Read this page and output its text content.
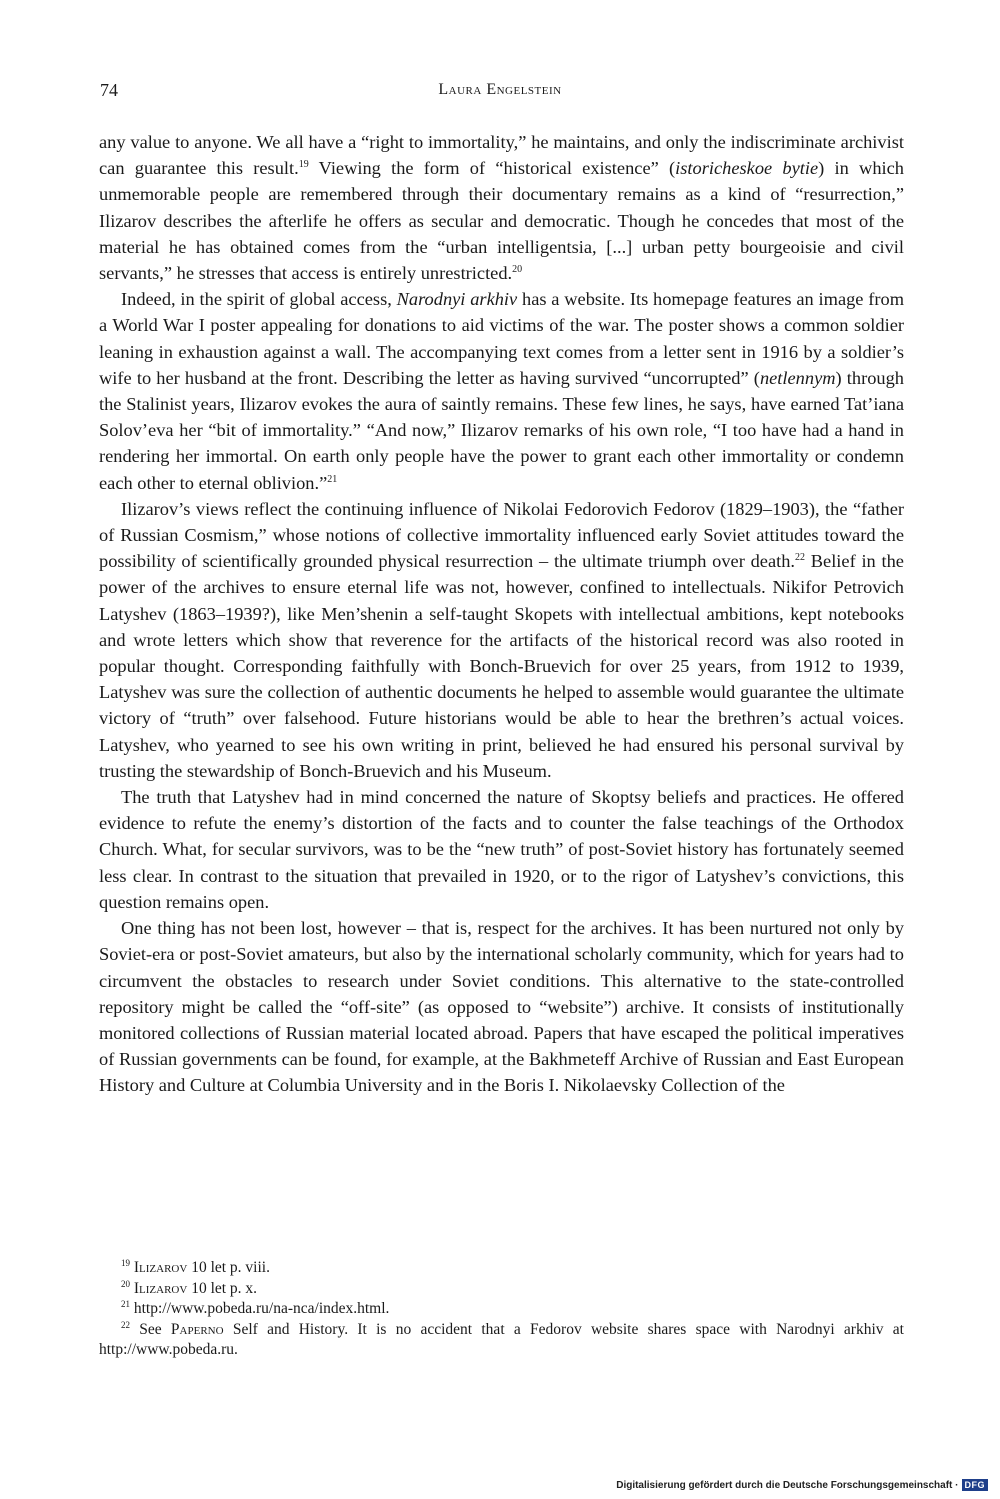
74	Laura Engelstein

any value to anyone. We all have a “right to immortality,” he maintains, and only the indiscriminate archivist can guarantee this result.$^{19}$ Viewing the form of “historical existence” (istoricheskoe bytie) in which unmemorable people are remembered through their documentary remains as a kind of “resurrection,” Ilizarov describes the afterlife he offers as secular and democratic. Though he concedes that most of the material he has obtained comes from the “urban intelligentsia, [...] urban petty bourgeoisie and civil servants,” he stresses that access is entirely unrestricted.$^{20}$

Indeed, in the spirit of global access, Narodnyi arkhiv has a website. Its homepage features an image from a World War I poster appealing for donations to aid victims of the war. The poster shows a common soldier leaning in exhaustion against a wall. The accompanying text comes from a letter sent in 1916 by a soldier’s wife to her husband at the front. Describing the letter as having survived “uncorrupted” (netlennym) through the Stalinist years, Ilizarov evokes the aura of saintly remains. These few lines, he says, have earned Tat’iana Solov’eva her “bit of immortality.” “And now,” Ilizarov remarks of his own role, “I too have had a hand in rendering her immortal. On earth only people have the power to grant each other immortality or condemn each other to eternal oblivion.”$^{21}$

Ilizarov’s views reflect the continuing influence of Nikolai Fedorovich Fedorov (1829–1903), the “father of Russian Cosmism,” whose notions of collective immortality influenced early Soviet attitudes toward the possibility of scientifically grounded physical resurrection – the ultimate triumph over death.$^{22}$ Belief in the power of the archives to ensure eternal life was not, however, confined to intellectuals. Nikifor Petrovich Latyshev (1863–1939?), like Men’shenin a self-taught Skopets with intellectual ambitions, kept notebooks and wrote letters which show that reverence for the artifacts of the historical record was also rooted in popular thought. Corresponding faithfully with Bonch-Bruevich for over 25 years, from 1912 to 1939, Latyshev was sure the collection of authentic documents he helped to assemble would guarantee the ultimate victory of “truth” over falsehood. Future historians would be able to hear the brethren’s actual voices. Latyshev, who yearned to see his own writing in print, believed he had ensured his personal survival by trusting the stewardship of Bonch-Bruevich and his Museum.

The truth that Latyshev had in mind concerned the nature of Skoptsy beliefs and practices. He offered evidence to refute the enemy’s distortion of the facts and to counter the false teachings of the Orthodox Church. What, for secular survivors, was to be the “new truth” of post-Soviet history has fortunately seemed less clear. In contrast to the situation that prevailed in 1920, or to the rigor of Latyshev’s convictions, this question remains open.

One thing has not been lost, however – that is, respect for the archives. It has been nurtured not only by Soviet-era or post-Soviet amateurs, but also by the international scholarly community, which for years had to circumvent the obstacles to research under Soviet conditions. This alternative to the state-controlled repository might be called the “off-site” (as opposed to “website”) archive. It consists of institutionally monitored collections of Russian material located abroad. Papers that have escaped the political imperatives of Russian governments can be found, for example, at the Bakhmeteff Archive of Russian and East European History and Culture at Columbia University and in the Boris I. Nikolaevsky Collection of the

$^{19}$ Ilizarov 10 let p. viii.

$^{20}$ Ilizarov 10 let p. x.

$^{21}$ http://www.pobeda.ru/na-nca/index.html.

$^{22}$ See Paperno Self and History. It is no accident that a Fedorov website shares space with Narodnyi arkhiv at http://www.pobeda.ru.

Digitalisierung gefördert durch die Deutsche Forschungsgemeinschaft · DFG
